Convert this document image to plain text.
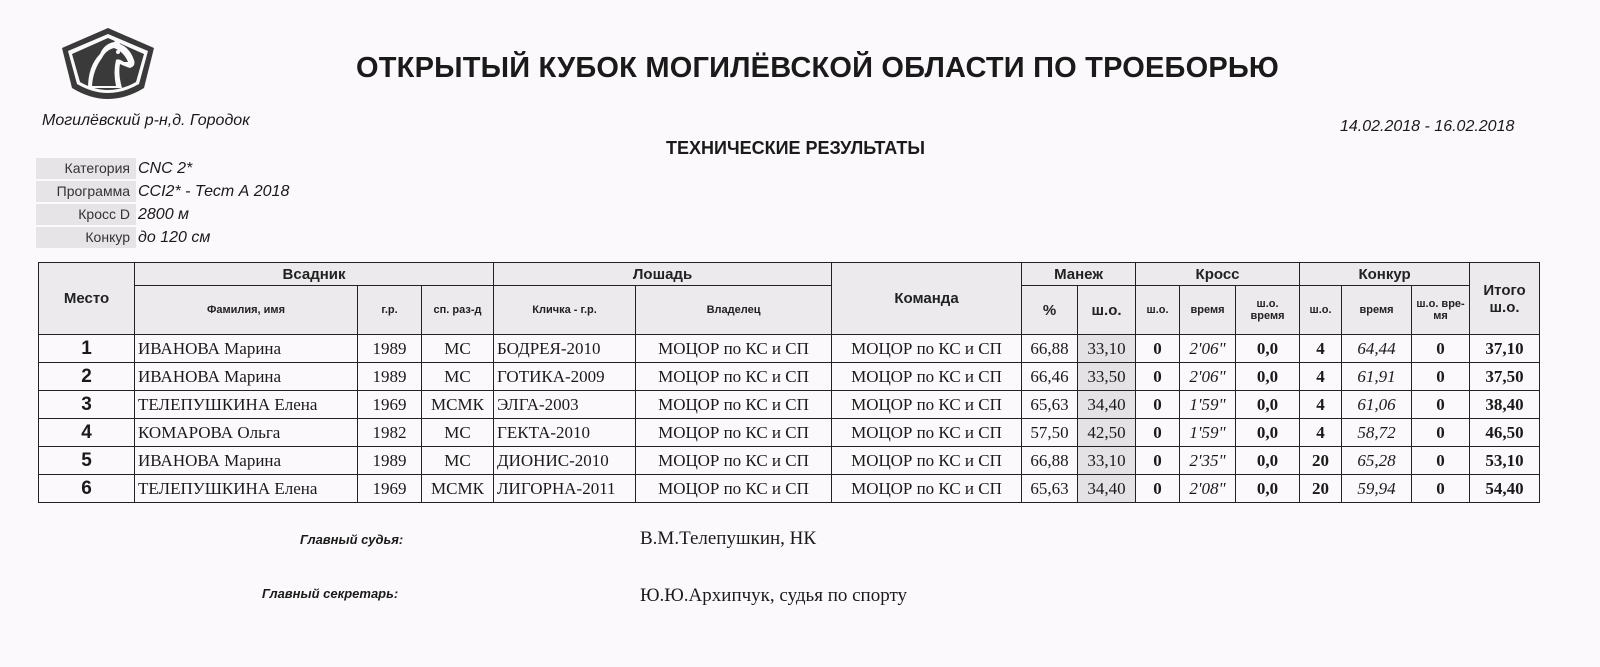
Могилёвский р-н,д. Городок
ОТКРЫТЫЙ КУБОК МОГИЛЁВСКОЙ ОБЛАСТИ ПО ТРОЕБОРЬЮ
14.02.2018 - 16.02.2018
ТЕХНИЧЕСКИЕ РЕЗУЛЬТАТЫ
Категория CNC 2*
Программа CCI2* - Тест А 2018
Кросс D 2800 м
Конкур до 120 см
Место	Всадник			Лошадь		Команда	Манеж		Кросс			Конкур			Итого ш.о.
	Фамилия, имя	г.р.	сп. раз-д	Кличка - г.р.	Владелец		%	ш.о.	ш.о.	время	ш.о. время	ш.о.	время	ш.о. вре-мя	
1	ИВАНОВА Марина	1989	МС	БОДРЕЯ-2010	МОЦОР по КС и СП	МОЦОР по КС и СП	66,88	33,10	0	2'06"	0,0	4	64,44	0	37,10
2	ИВАНОВА Марина	1989	МС	ГОТИКА-2009	МОЦОР по КС и СП	МОЦОР по КС и СП	66,46	33,50	0	2'06"	0,0	4	61,91	0	37,50
3	ТЕЛЕПУШКИНА Елена	1969	МСМК	ЭЛГА-2003	МОЦОР по КС и СП	МОЦОР по КС и СП	65,63	34,40	0	1'59"	0,0	4	61,06	0	38,40
4	КОМАРОВА Ольга	1982	МС	ГЕКТА-2010	МОЦОР по КС и СП	МОЦОР по КС и СП	57,50	42,50	0	1'59"	0,0	4	58,72	0	46,50
5	ИВАНОВА Марина	1989	МС	ДИОНИС-2010	МОЦОР по КС и СП	МОЦОР по КС и СП	66,88	33,10	0	2'35"	0,0	20	65,28	0	53,10
6	ТЕЛЕПУШКИНА Елена	1969	МСМК	ЛИГОРНА-2011	МОЦОР по КС и СП	МОЦОР по КС и СП	65,63	34,40	0	2'08"	0,0	20	59,94	0	54,40
Главный судья:	В.М.Телепушкин, НК
Главный секретарь:	Ю.Ю.Архипчук, судья по спорту
